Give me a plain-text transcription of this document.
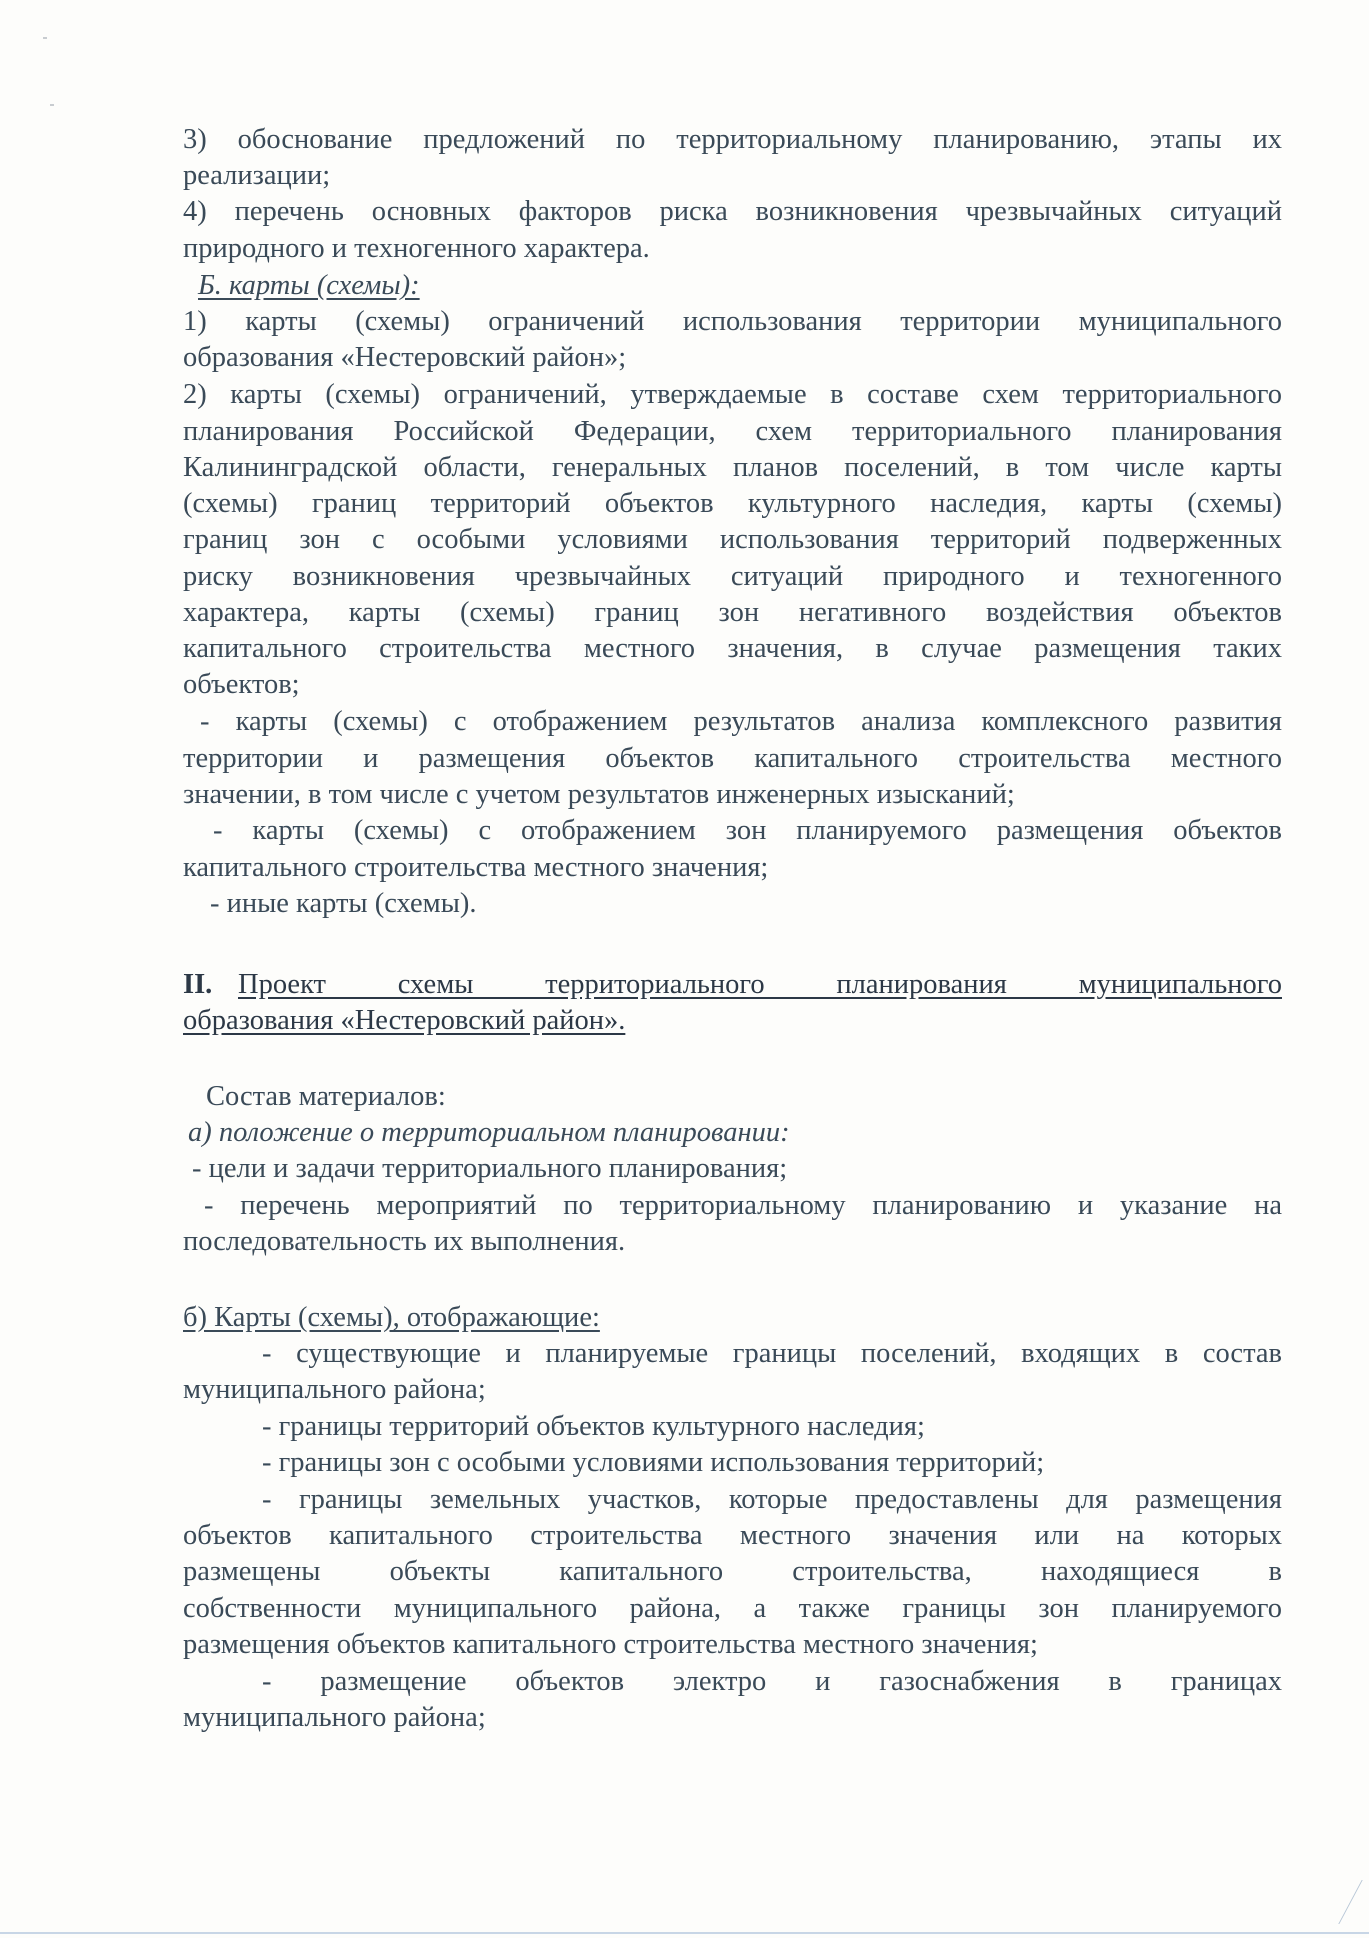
3) обоснование предложений по территориальному планированию, этапы их
реализации;
4) перечень основных факторов риска возникновения чрезвычайных ситуаций
природного и техногенного характера.
Б. карты (схемы):
1) карты (схемы) ограничений использования территории муниципального
образования «Нестеровский район»;
2) карты (схемы) ограничений, утверждаемые в составе схем территориального
планирования Российской Федерации, схем территориального планирования
Калининградской области, генеральных планов поселений, в том числе карты
(схемы) границ территорий объектов культурного наследия, карты (схемы)
границ зон с особыми условиями использования территорий подверженных
риску возникновения чрезвычайных ситуаций природного и техногенного
характера, карты (схемы) границ зон негативного воздействия объектов
капитального строительства местного значения, в случае размещения таких
объектов;
- карты (схемы) с отображением результатов анализа комплексного развития
территории и размещения объектов капитального строительства местного
значении, в том числе с учетом результатов инженерных изысканий;
- карты (схемы) с отображением зон планируемого размещения объектов
капитального строительства местного значения;
- иные карты (схемы).
II. Проект схемы территориального планирования муниципального
образования «Нестеровский район».
Состав материалов:
а) положение о территориальном планировании:
- цели и задачи территориального планирования;
- перечень мероприятий по территориальному планированию и указание на
последовательность их выполнения.
б) Карты (схемы), отображающие:
- существующие и планируемые границы поселений, входящих в состав
муниципального района;
- границы территорий объектов культурного наследия;
- границы зон с особыми условиями использования территорий;
- границы земельных участков, которые предоставлены для размещения
объектов капитального строительства местного значения или на которых
размещены объекты капитального строительства, находящиеся в
собственности муниципального района, а также границы зон планируемого
размещения объектов капитального строительства местного значения;
- размещение объектов электро и газоснабжения в границах
муниципального района;
